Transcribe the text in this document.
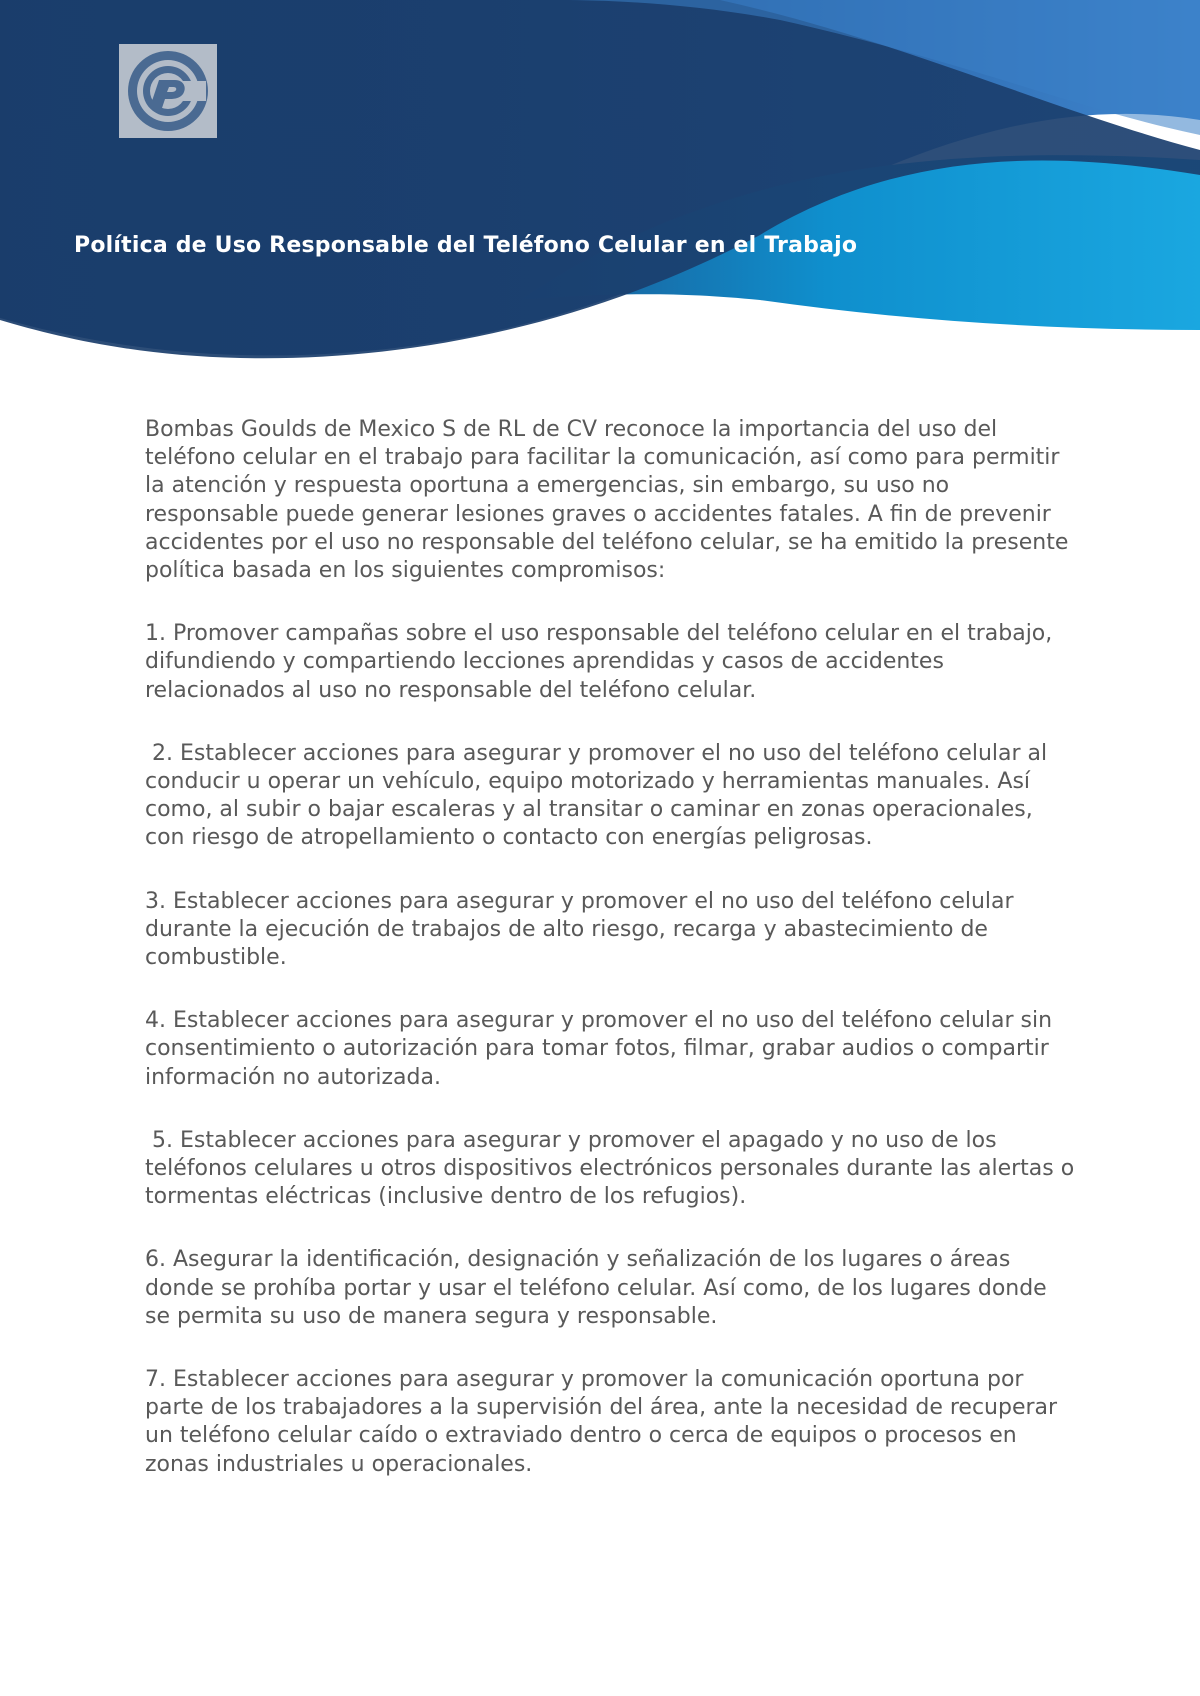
Política de Uso Responsable del Teléfono Celular en el Trabajo

Bombas Goulds de Mexico S de RL de CV reconoce la importancia del uso del teléfono celular en el trabajo para facilitar la comunicación, así como para permitir la atención y respuesta oportuna a emergencias, sin embargo, su uso no responsable puede generar lesiones graves o accidentes fatales. A fin de prevenir accidentes por el uso no responsable del teléfono celular, se ha emitido la presente política basada en los siguientes compromisos:

1. Promover campañas sobre el uso responsable del teléfono celular en el trabajo, difundiendo y compartiendo lecciones aprendidas y casos de accidentes relacionados al uso no responsable del teléfono celular.

2. Establecer acciones para asegurar y promover el no uso del teléfono celular al conducir u operar un vehículo, equipo motorizado y herramientas manuales. Así como, al subir o bajar escaleras y al transitar o caminar en zonas operacionales, con riesgo de atropellamiento o contacto con energías peligrosas.

3. Establecer acciones para asegurar y promover el no uso del teléfono celular durante la ejecución de trabajos de alto riesgo, recarga y abastecimiento de combustible.

4. Establecer acciones para asegurar y promover el no uso del teléfono celular sin consentimiento o autorización para tomar fotos, filmar, grabar audios o compartir información no autorizada.

5. Establecer acciones para asegurar y promover el apagado y no uso de los teléfonos celulares u otros dispositivos electrónicos personales durante las alertas o tormentas eléctricas (inclusive dentro de los refugios).

6. Asegurar la identificación, designación y señalización de los lugares o áreas donde se prohíba portar y usar el teléfono celular. Así como, de los lugares donde se permita su uso de manera segura y responsable.

7. Establecer acciones para asegurar y promover la comunicación oportuna por parte de los trabajadores a la supervisión del área, ante la necesidad de recuperar un teléfono celular caído o extraviado dentro o cerca de equipos o procesos en zonas industriales u operacionales.
